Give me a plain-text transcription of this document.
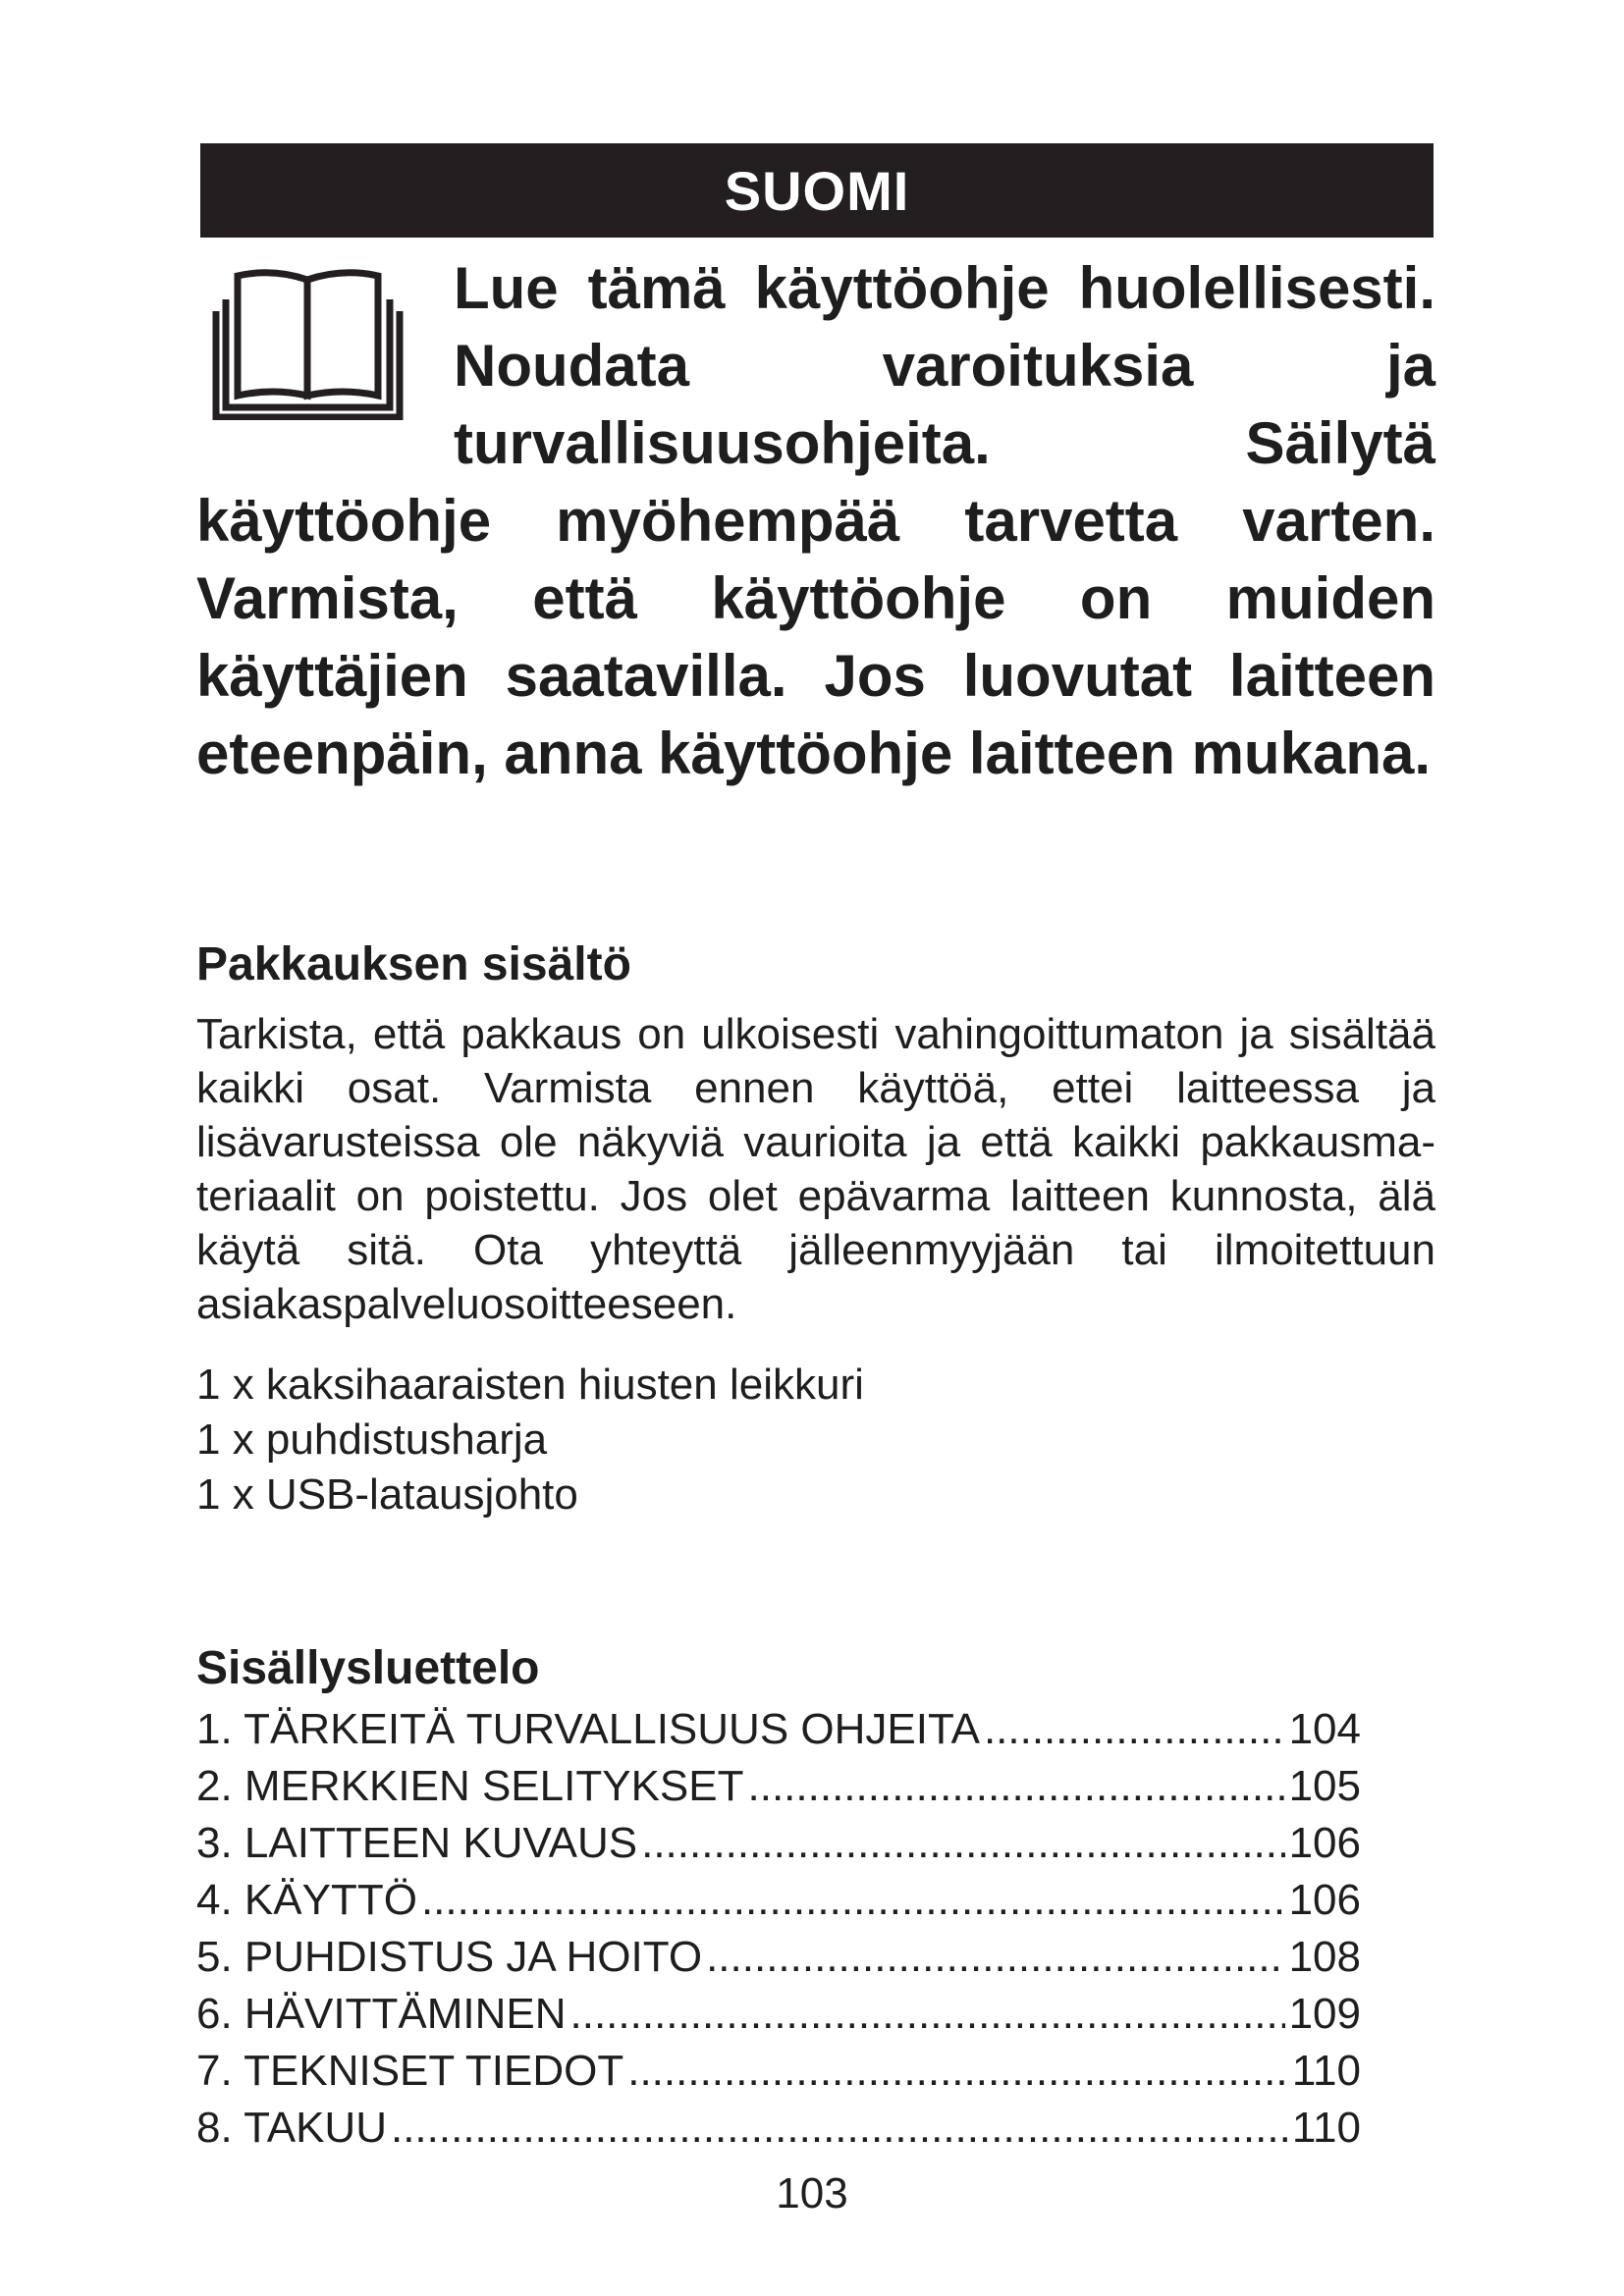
SUOMI

Lue tämä käyttöohje huolellisesti. Noudata varoituksia ja turvallisuusohjeita. Säilytä käyttöohje myöhempää tarvetta varten. Varmista, että käyttöohje on muiden käyttäjien saatavilla. Jos luovutat laitteen eteenpäin, anna käyttöohje laitteen mukana.

Pakkauksen sisältö

Tarkista, että pakkaus on ulkoisesti vahingoittumaton ja sisältää kaikki osat. Varmista ennen käyttöä, ettei laitteessa ja lisävarusteissa ole näkyviä vaurioita ja että kaikki pakkausmateriaalit on poistettu. Jos olet epävarma laitteen kunnosta, älä käytä sitä. Ota yhteyttä jälleenmyyjään tai ilmoitettuun asiakaspalveluosoitteeseen.

1 x kaksihaaraisten hiusten leikkuri
1 x puhdistusharja
1 x USB-latausjohto
Sisällysluettelo
1. TÄRKEITÄ TURVALLISUUS OHJEITA .....	104
2. MERKKIEN SELITYKSET .....	105
3. LAITTEEN KUVAUS .....	106
4. KÄYTTÖ .....	106
5. PUHDISTUS JA HOITO .....	108
6. HÄVITTÄMINEN .....	109
7. TEKNISET TIEDOT .....	110
8. TAKUU .....	110

103
